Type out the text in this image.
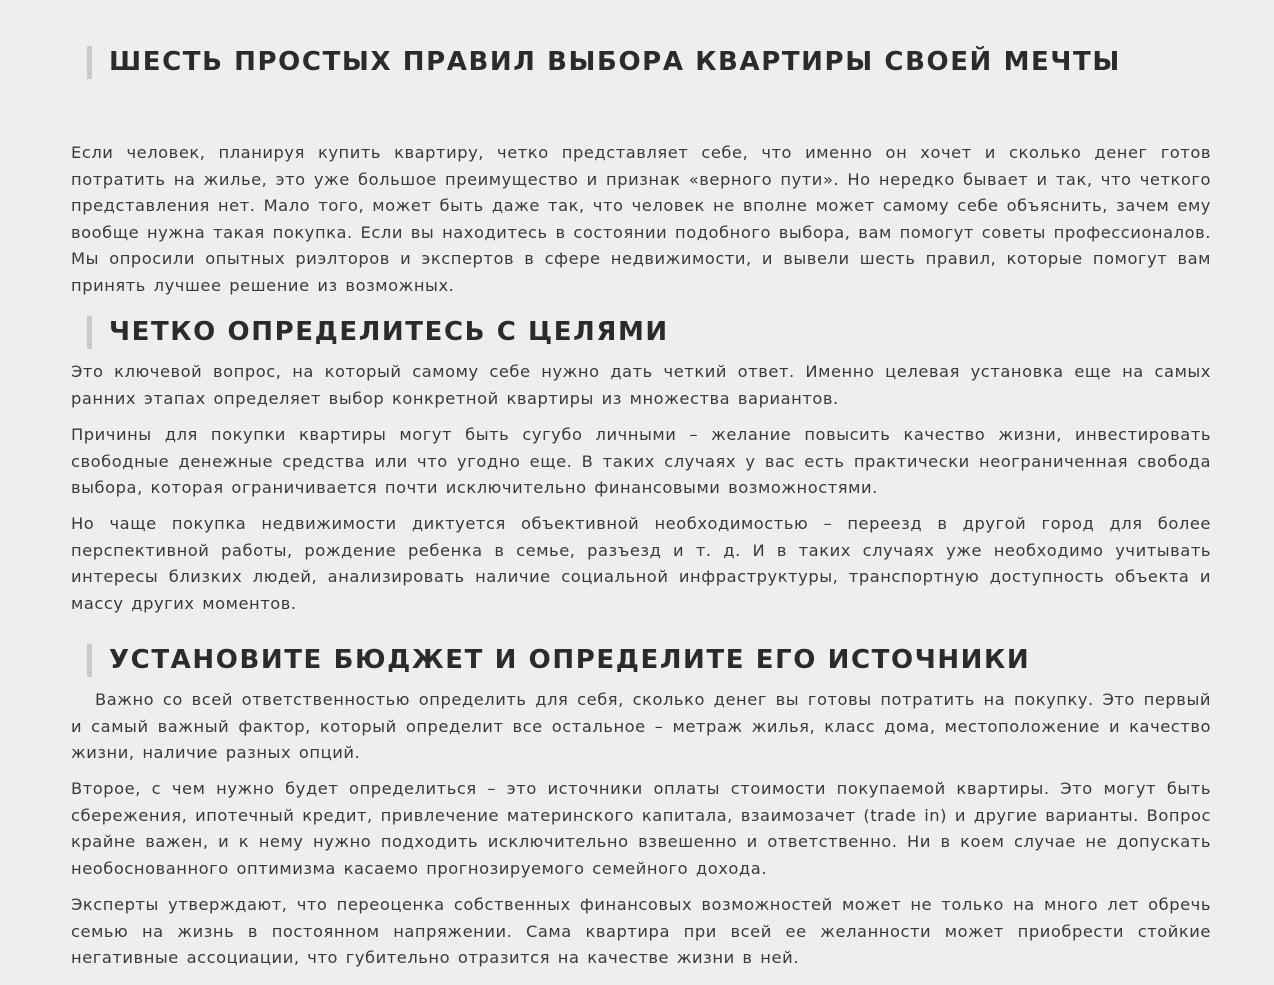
ШЕСТЬ ПРОСТЫХ ПРАВИЛ ВЫБОРА КВАРТИРЫ СВОЕЙ МЕЧТЫ

Если человек, планируя купить квартиру, четко представляет себе, что именно он хочет и сколько денег готов потратить на жилье, это уже большое преимущество и признак «верного пути». Но нередко бывает и так, что четкого представления нет. Мало того, может быть даже так, что человек не вполне может самому себе объяснить, зачем ему вообще нужна такая покупка. Если вы находитесь в состоянии подобного выбора, вам помогут советы профессионалов. Мы опросили опытных риэлторов и экспертов в сфере недвижимости, и вывели шесть правил, которые помогут вам принять лучшее решение из возможных.

ЧЕТКО ОПРЕДЕЛИТЕСЬ С ЦЕЛЯМИ

Это ключевой вопрос, на который самому себе нужно дать четкий ответ. Именно целевая установка еще на самых ранних этапах определяет выбор конкретной квартиры из множества вариантов.

Причины для покупки квартиры могут быть сугубо личными – желание повысить качество жизни, инвестировать свободные денежные средства или что угодно еще. В таких случаях у вас есть практически неограниченная свобода выбора, которая ограничивается почти исключительно финансовыми возможностями.

Но чаще покупка недвижимости диктуется объективной необходимостью – переезд в другой город для более перспективной работы, рождение ребенка в семье, разъезд и т. д. И в таких случаях уже необходимо учитывать интересы близких людей, анализировать наличие социальной инфраструктуры, транспортную доступность объекта и массу других моментов.

УСТАНОВИТЕ БЮДЖЕТ И ОПРЕДЕЛИТЕ ЕГО ИСТОЧНИКИ

Важно со всей ответственностью определить для себя, сколько денег вы готовы потратить на покупку. Это первый и самый важный фактор, который определит все остальное – метраж жилья, класс дома, местоположение и качество жизни, наличие разных опций.

Второе, с чем нужно будет определиться – это источники оплаты стоимости покупаемой квартиры. Это могут быть сбережения, ипотечный кредит, привлечение материнского капитала, взаимозачет (trade in) и другие варианты. Вопрос крайне важен, и к нему нужно подходить исключительно взвешенно и ответственно. Ни в коем случае не допускать необоснованного оптимизма касаемо прогнозируемого семейного дохода.

Эксперты утверждают, что переоценка собственных финансовых возможностей может не только на много лет обречь семью на жизнь в постоянном напряжении. Сама квартира при всей ее желанности может приобрести стойкие негативные ассоциации, что губительно отразится на качестве жизни в ней.
